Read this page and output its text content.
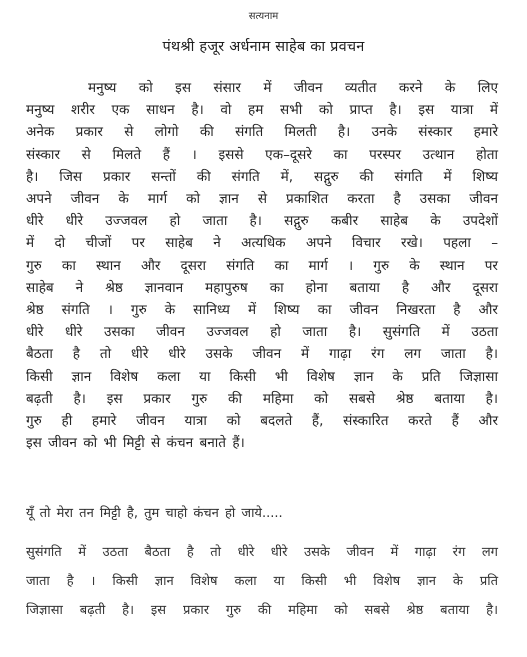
सत्यनाम
पंथश्री हजूर अर्धनाम साहेब का प्रवचन
मनुष्य को इस संसार में जीवन व्यतीत करने के लिए
मनुष्य शरीर एक साधन है। वो हम सभी को प्राप्त है। इस यात्रा में
अनेक प्रकार से लोगो की संगति मिलती है। उनके संस्कार हमारे
संस्कार से मिलते हैं । इससे एक–दूसरे का परस्पर उत्थान होता
है। जिस प्रकार सन्तों की संगति में, सद्गुरु की संगति में शिष्य
अपने जीवन के मार्ग को ज्ञान से प्रकाशित करता है उसका जीवन
धीरे धीरे उज्जवल हो जाता है। सद्गुरु कबीर साहेब के उपदेशों
में दो चीजों पर साहेब ने अत्यधिक अपने विचार रखे। पहला –
गुरु का स्थान और दूसरा संगति का मार्ग । गुरु के स्थान पर
साहेब ने श्रेष्ठ ज्ञानवान महापुरुष का होना बताया है और दूसरा
श्रेष्ठ संगति । गुरु के सानिध्य में शिष्य का जीवन निखरता है और
धीरे धीरे उसका जीवन उज्जवल हो जाता है। सुसंगति में उठता
बैठता है तो धीरे धीरे उसके जीवन में गाढ़ा रंग लग जाता है।
किसी ज्ञान विशेष कला या किसी भी विशेष ज्ञान के प्रति जिज्ञासा
बढ़ती है। इस प्रकार गुरु की महिमा को सबसे श्रेष्ठ बताया है।
गुरु ही हमारे जीवन यात्रा को बदलते हैं, संस्कारित करते हैं और
इस जीवन को भी मिट्टी से कंचन बनाते हैं।
यूँ तो मेरा तन मिट्टी है, तुम चाहो कंचन हो जाये.....
सुसंगति में उठता बैठता है तो धीरे धीरे उसके जीवन में गाढ़ा रंग लग
जाता है । किसी ज्ञान विशेष कला या किसी भी विशेष ज्ञान के प्रति
जिज्ञासा बढ़ती है। इस प्रकार गुरु की महिमा को सबसे श्रेष्ठ बताया है।
